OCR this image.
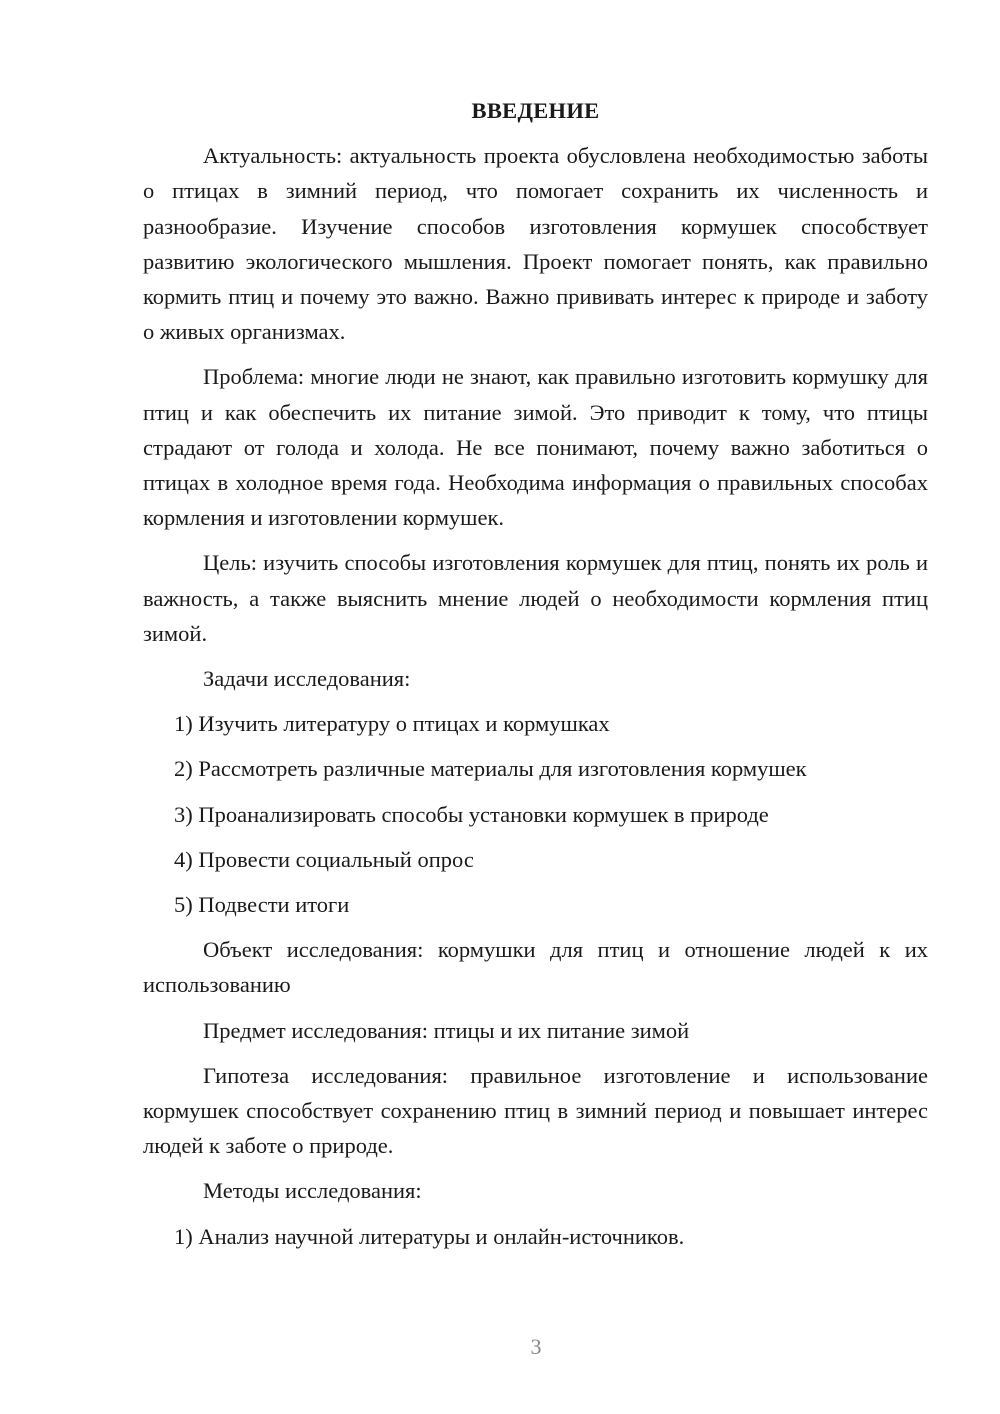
ВВЕДЕНИЕ

Актуальность: актуальность проекта обусловлена необходимостью заботы о птицах в зимний период, что помогает сохранить их численность и разнообразие. Изучение способов изготовления кормушек способствует развитию экологического мышления. Проект помогает понять, как правильно кормить птиц и почему это важно. Важно прививать интерес к природе и заботу о живых организмах.

Проблема: многие люди не знают, как правильно изготовить кормушку для птиц и как обеспечить их питание зимой. Это приводит к тому, что птицы страдают от голода и холода. Не все понимают, почему важно заботиться о птицах в холодное время года. Необходима информация о правильных способах кормления и изготовлении кормушек.

Цель: изучить способы изготовления кормушек для птиц, понять их роль и важность, а также выяснить мнение людей о необходимости кормления птиц зимой.

Задачи исследования:
1) Изучить литературу о птицах и кормушках
2) Рассмотреть различные материалы для изготовления кормушек
3) Проанализировать способы установки кормушек в природе
4) Провести социальный опрос
5) Подвести итоги

Объект исследования: кормушки для птиц и отношение людей к их использованию

Предмет исследования: птицы и их питание зимой

Гипотеза исследования: правильное изготовление и использование кормушек способствует сохранению птиц в зимний период и повышает интерес людей к заботе о природе.

Методы исследования:
1) Анализ научной литературы и онлайн-источников.
3
